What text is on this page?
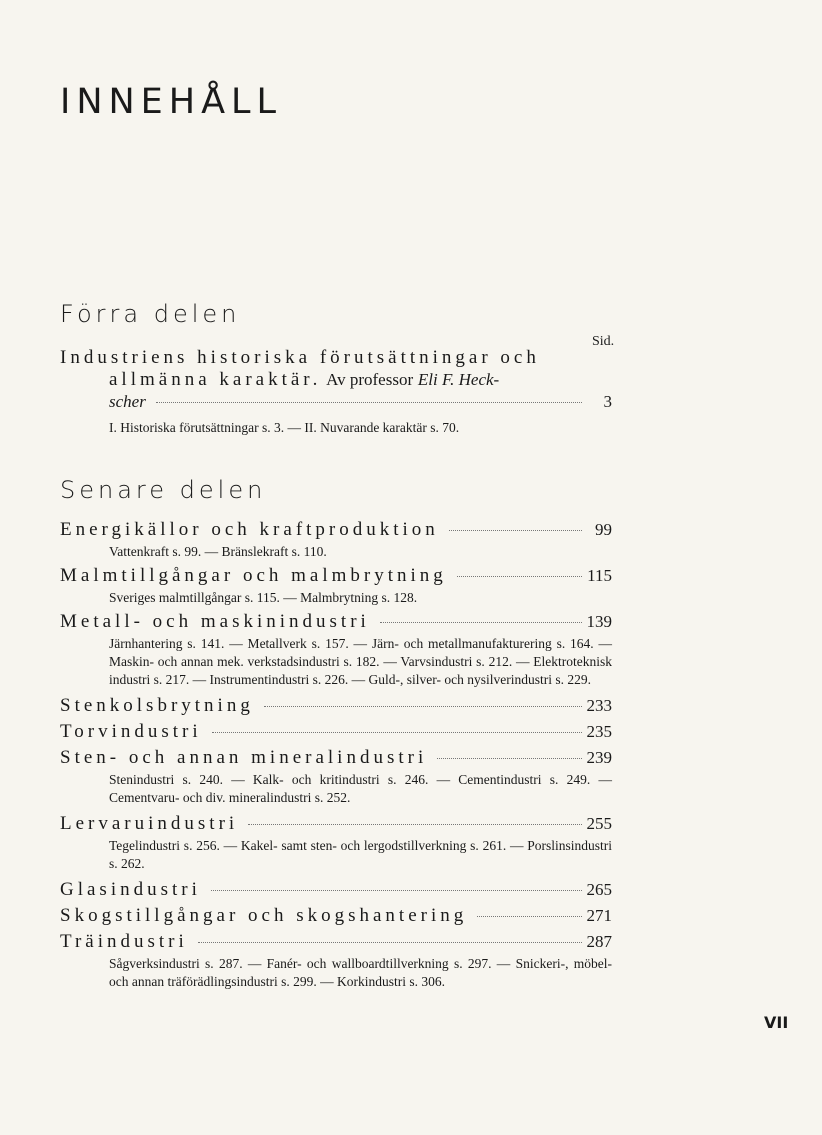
INNEHÅLL
Förra delen
Sid.
Industriens historiska förutsättningar och
allmänna karaktär. Av professor Eli F. Heck-
scher	3
I. Historiska förutsättningar s. 3. — II. Nuvarande karaktär s. 70.
Senare delen
Energikällor och kraftproduktion	99
Vattenkraft s. 99. — Bränslekraft s. 110.
Malmtillgångar och malmbrytning	115
Sveriges malmtillgångar s. 115. — Malmbrytning s. 128.
Metall- och maskinindustri	139
Järnhantering s. 141. — Metallverk s. 157. — Järn- och metallmanufakturering s. 164. — Maskin- och annan mek. verkstadsindustri s. 182. — Varvsindustri s. 212. — Elektroteknisk industri s. 217. — Instrumentindustri s. 226. — Guld-, silver- och nysilverindustri s. 229.
Stenkolsbrytning	233
Torvindustri	235
Sten- och annan mineralindustri	239
Stenindustri s. 240. — Kalk- och kritindustri s. 246. — Cementindustri s. 249. — Cementvaru- och div. mineralindustri s. 252.
Lervaruindustri	255
Tegelindustri s. 256. — Kakel- samt sten- och lergodstillverkning s. 261. — Porslinsindustri s. 262.
Glasindustri	265
Skogstillgångar och skogshantering	271
Träindustri	287
Sågverksindustri s. 287. — Fanér- och wallboardtillverkning s. 297. — Snickeri-, möbel- och annan träförädlingsindustri s. 299. — Korkindustri s. 306.
VII
